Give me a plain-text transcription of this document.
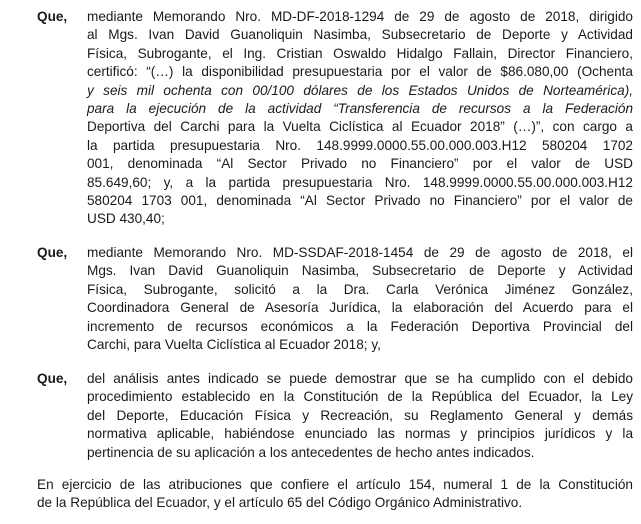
Que, mediante Memorando Nro. MD-DF-2018-1294 de 29 de agosto de 2018, dirigido
al Mgs. Ivan David Guanoliquin Nasimba, Subsecretario de Deporte y Actividad
Física, Subrogante, el Ing. Cristian Oswaldo Hidalgo Fallain, Director Financiero,
certificó: “(…) la disponibilidad presupuestaria por el valor de $86.080,00 (Ochenta
y seis mil ochenta con 00/100 dólares de los Estados Unidos de Norteamérica),
para la ejecución de la actividad “Transferencia de recursos a la Federación
Deportiva del Carchi para la Vuelta Ciclística al Ecuador 2018” (…)”, con cargo a
la partida presupuestaria Nro. 148.9999.0000.55.00.000.003.H12 580204 1702
001, denominada “Al Sector Privado no Financiero” por el valor de USD
85.649,60; y, a la partida presupuestaria Nro. 148.9999.0000.55.00.000.003.H12
580204 1703 001, denominada “Al Sector Privado no Financiero” por el valor de
USD 430,40;
Que, mediante Memorando Nro. MD-SSDAF-2018-1454 de 29 de agosto de 2018, el
Mgs. Ivan David Guanoliquin Nasimba, Subsecretario de Deporte y Actividad
Física, Subrogante, solicitó a la Dra. Carla Verónica Jiménez González,
Coordinadora General de Asesoría Jurídica, la elaboración del Acuerdo para el
incremento de recursos económicos a la Federación Deportiva Provincial del
Carchi, para Vuelta Ciclística al Ecuador 2018; y,
Que, del análisis antes indicado se puede demostrar que se ha cumplido con el debido
procedimiento establecido en la Constitución de la República del Ecuador, la Ley
del Deporte, Educación Física y Recreación, su Reglamento General y demás
normativa aplicable, habiéndose enunciado las normas y principios jurídicos y la
pertinencia de su aplicación a los antecedentes de hecho antes indicados.
En ejercicio de las atribuciones que confiere el artículo 154, numeral 1 de la Constitución
de la República del Ecuador, y el artículo 65 del Código Orgánico Administrativo.
